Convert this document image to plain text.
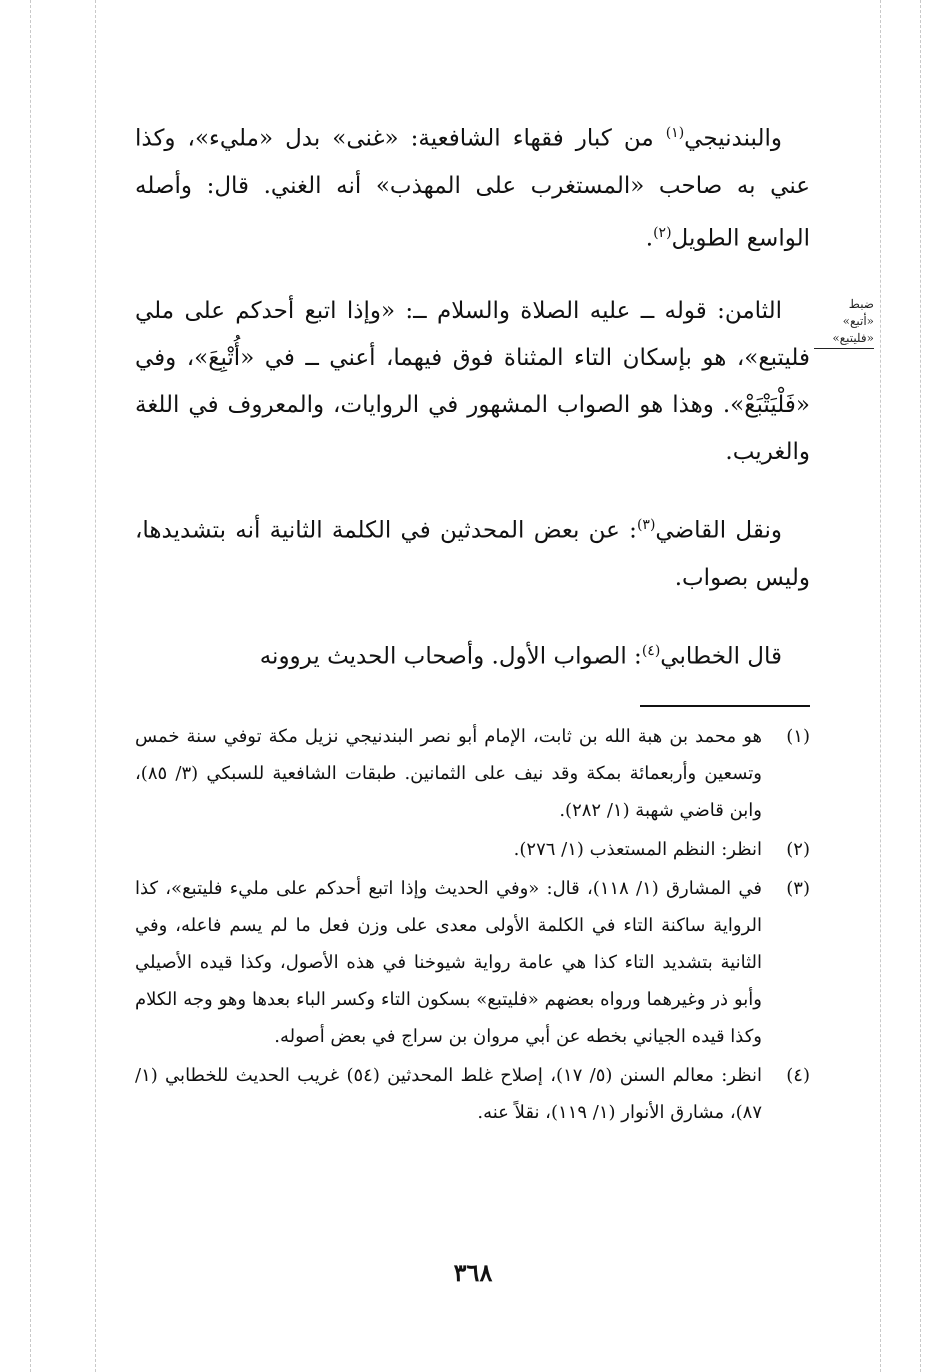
ضبط «أتبع»

«فليتبع»

والبندنيجي$^{(١)}$ من كبار فقهاء الشافعية: «غنى» بدل «مليء»، وكذا عني به صاحب «المستغرب على المهذب» أنه الغني. قال: وأصله الواسع الطويل$^{(٢)}$.

الثامن: قوله ــ عليه الصلاة والسلام ــ: «وإذا اتبع أحدكم على ملي فليتبع»، هو بإسكان التاء المثناة فوق فيهما، أعني ــ في «أُتْبِعَ»، وفي «فَلْيَتْبَعْ». وهذا هو الصواب المشهور في الروايات، والمعروف في اللغة والغريب.

ونقل القاضي$^{(٣)}$: عن بعض المحدثين في الكلمة الثانية أنه بتشديدها، وليس بصواب.

قال الخطابي$^{(٤)}$: الصواب الأول. وأصحاب الحديث يروونه

(١)
هو محمد بن هبة الله بن ثابت، الإمام أبو نصر البندنيجي نزيل مكة توفي سنة خمس وتسعين وأربعمائة بمكة وقد نيف على الثمانين. طبقات الشافعية للسبكي (٣/ ٨٥)، وابن قاضي شهبة (١/ ٢٨٢).
(٢)
انظر: النظم المستعذب (١/ ٢٧٦).
(٣)
في المشارق (١/ ١١٨)، قال: «وفي الحديث وإذا اتبع أحدكم على مليء فليتبع»، كذا الرواية ساكنة التاء في الكلمة الأولى معدى على وزن فعل ما لم يسم فاعله، وفي الثانية بتشديد التاء كذا هي عامة رواية شيوخنا في هذه الأصول، وكذا قيده الأصيلي وأبو ذر وغيرهما ورواه بعضهم «فليتبع» بسكون التاء وكسر الباء بعدها وهو وجه الكلام وكذا قيده الجياني بخطه عن أبي مروان بن سراج في بعض أصوله.
(٤)
انظر: معالم السنن (٥/ ١٧)، إصلاح غلط المحدثين (٥٤) غريب الحديث للخطابي (١/ ٨٧)، مشارق الأنوار (١/ ١١٩)، نقلاً عنه.
٣٦٨
